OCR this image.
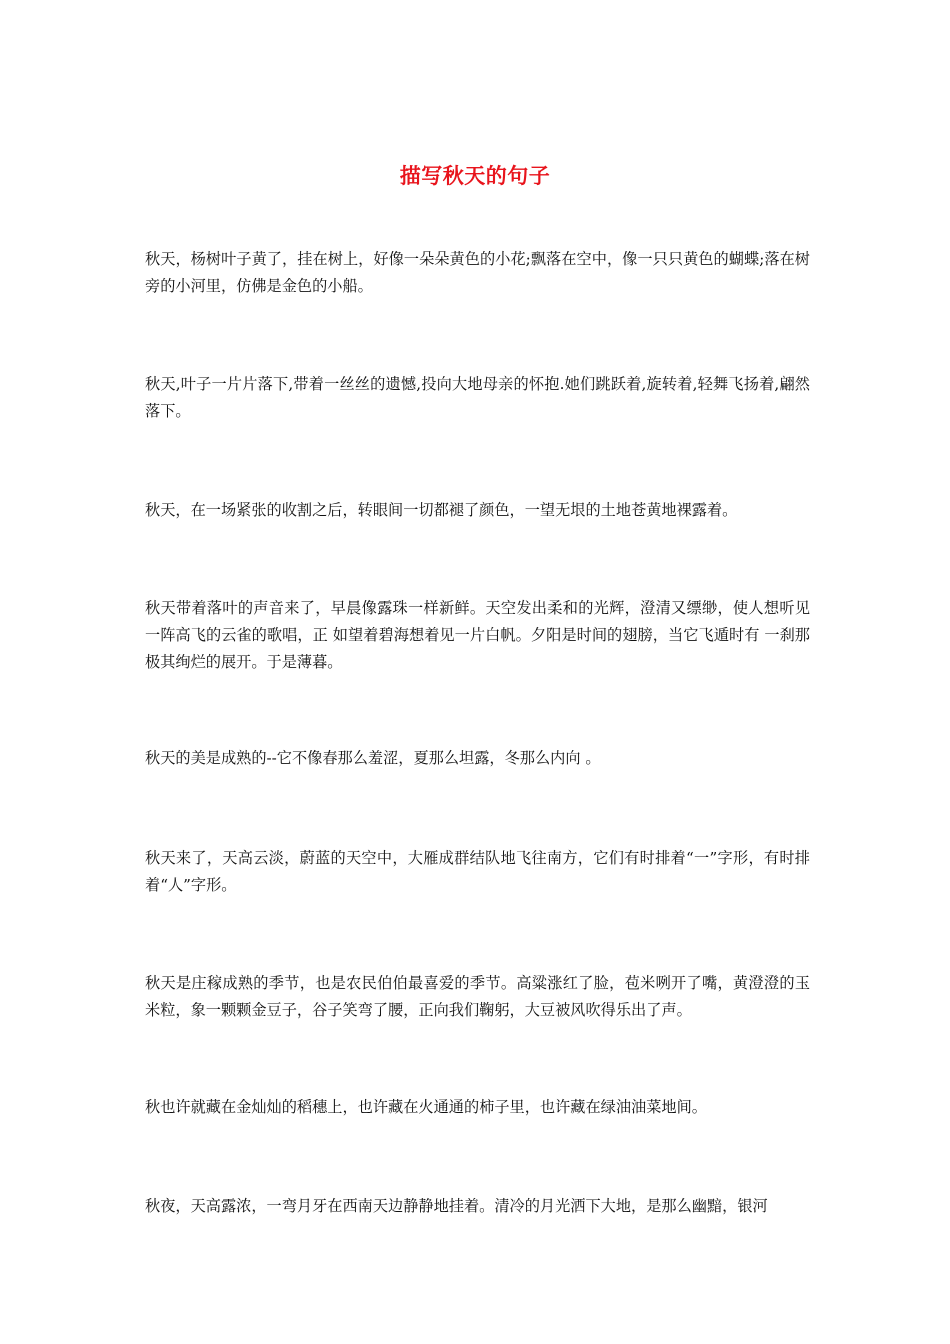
描写秋天的句子

秋天，杨树叶子黄了，挂在树上，好像一朵朵黄色的小花;飘落在空中，像一只只黄色的蝴蝶;落在树旁的小河里，仿佛是金色的小船。

秋天,叶子一片片落下,带着一丝丝的遗憾,投向大地母亲的怀抱.她们跳跃着,旋转着,轻舞飞扬着,翩然落下。

秋天，在一场紧张的收割之后，转眼间一切都褪了颜色，一望无垠的土地苍黄地裸露着。

秋天带着落叶的声音来了，早晨像露珠一样新鲜。天空发出柔和的光辉，澄清又缥缈，使人想听见一阵高飞的云雀的歌唱，正 如望着碧海想着见一片白帆。夕阳是时间的翅膀，当它飞遁时有 一刹那极其绚烂的展开。于是薄暮。

秋天的美是成熟的--它不像春那么羞涩，夏那么坦露，冬那么内向 。

秋天来了，天高云淡，蔚蓝的天空中，大雁成群结队地飞往南方，它们有时排着“一”字形，有时排着“人”字形。

秋天是庄稼成熟的季节，也是农民伯伯最喜爱的季节。高粱涨红了脸，苞米咧开了嘴，黄澄澄的玉米粒，象一颗颗金豆子，谷子笑弯了腰，正向我们鞠躬，大豆被风吹得乐出了声。

秋也许就藏在金灿灿的稻穗上，也许藏在火通通的柿子里，也许藏在绿油油菜地间。

秋夜，天高露浓，一弯月牙在西南天边静静地挂着。清冷的月光洒下大地，是那么幽黯，银河
